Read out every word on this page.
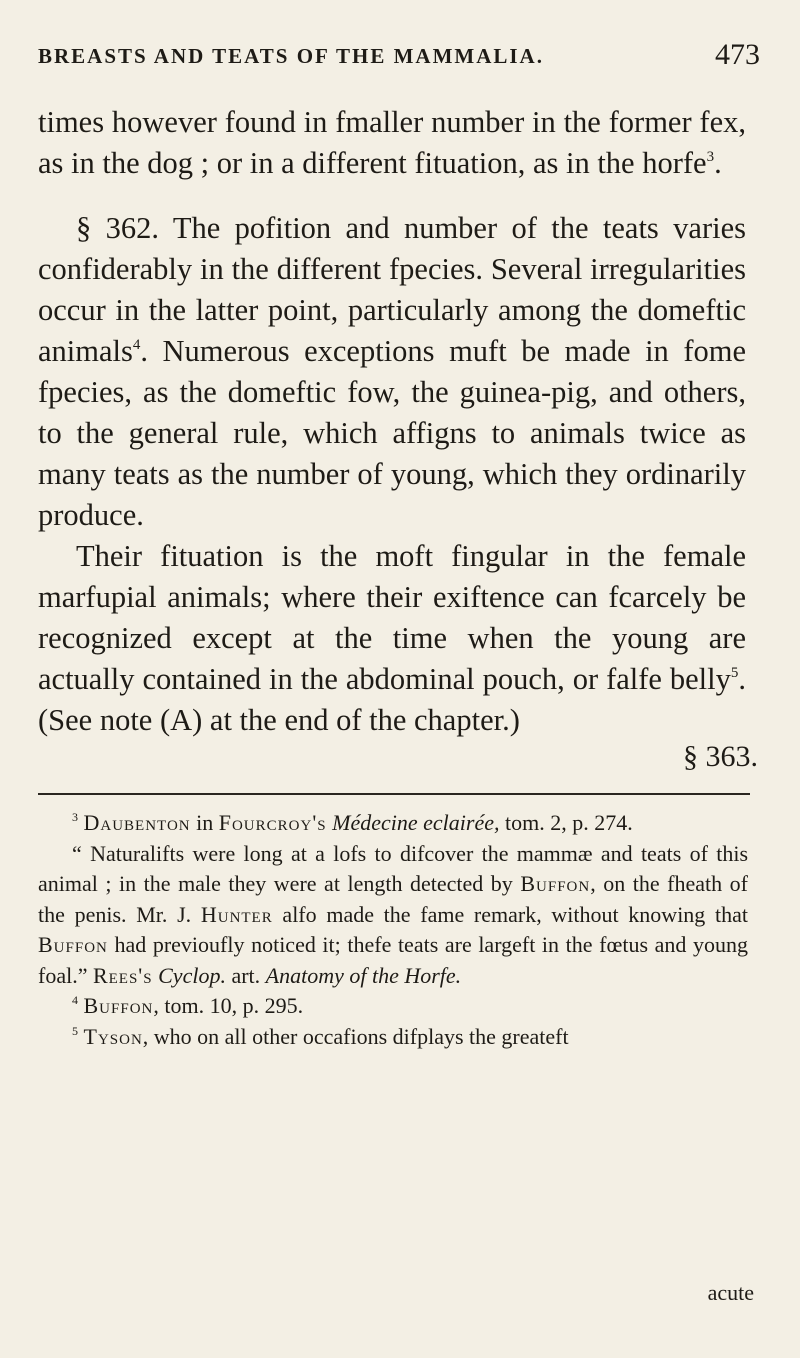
BREASTS AND TEATS OF THE MAMMALIA.	473

times however found in fmaller number in the former fex, as in the dog ; or in a different fituation, as in the horfe$^3$.

§ 362. The pofition and number of the teats varies confiderably in the different fpecies. Several irregularities occur in the latter point, particularly among the domeftic animals$^4$. Numerous exceptions muft be made in fome fpecies, as the domeftic fow, the guinea-pig, and others, to the general rule, which affigns to animals twice as many teats as the number of young, which they ordinarily produce.

Their fituation is the moft fingular in the female marfupial animals; where their exiftence can fcarcely be recognized except at the time when the young are actually contained in the abdominal pouch, or falfe belly$^5$. (See note (A) at the end of the chapter.)

§ 363.

$^3$ Daubenton in Fourcroy's Médecine eclairée, tom. 2, p. 274.

“ Naturalifts were long at a lofs to difcover the mammæ and teats of this animal ; in the male they were at length detected by Buffon, on the fheath of the penis. Mr. J. Hunter alfo made the fame remark, without knowing that Buffon had previoufly noticed it; thefe teats are largeft in the fœtus and young foal.” Rees's Cyclop. art. Anatomy of the Horfe.

$^4$ Buffon, tom. 10, p. 295.

$^5$ Tyson, who on all other occafions difplays the greateft

acute
